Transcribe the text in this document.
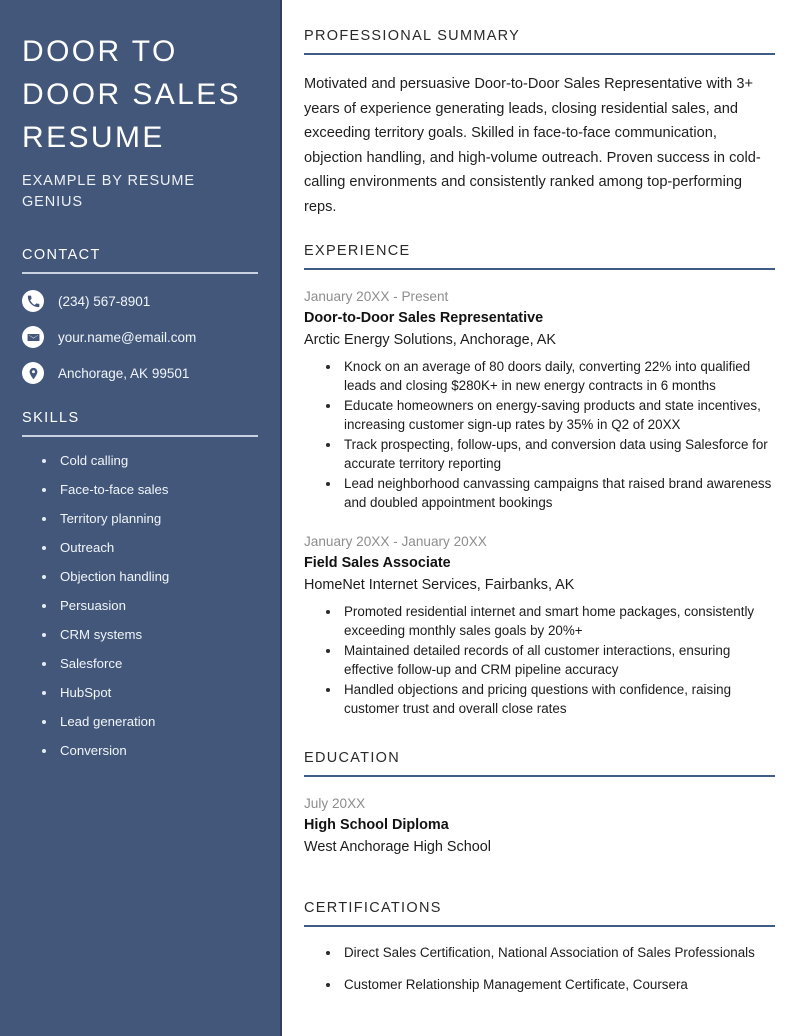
DOOR TO DOOR SALES RESUME
EXAMPLE BY RESUME GENIUS
CONTACT
(234) 567-8901
your.name@email.com
Anchorage, AK 99501
SKILLS
Cold calling
Face-to-face sales
Territory planning
Outreach
Objection handling
Persuasion
CRM systems
Salesforce
HubSpot
Lead generation
Conversion
PROFESSIONAL SUMMARY

Motivated and persuasive Door-to-Door Sales Representative with 3+ years of experience generating leads, closing residential sales, and exceeding territory goals. Skilled in face-to-face communication, objection handling, and high-volume outreach. Proven success in cold-calling environments and consistently ranked among top-performing reps.

EXPERIENCE
January 20XX - Present
Door-to-Door Sales Representative
Arctic Energy Solutions, Anchorage, AK
Knock on an average of 80 doors daily, converting 22% into qualified leads and closing $280K+ in new energy contracts in 6 months
Educate homeowners on energy-saving products and state incentives, increasing customer sign-up rates by 35% in Q2 of 20XX
Track prospecting, follow-ups, and conversion data using Salesforce for accurate territory reporting
Lead neighborhood canvassing campaigns that raised brand awareness and doubled appointment bookings
January 20XX - January 20XX
Field Sales Associate
HomeNet Internet Services, Fairbanks, AK
Promoted residential internet and smart home packages, consistently exceeding monthly sales goals by 20%+
Maintained detailed records of all customer interactions, ensuring effective follow-up and CRM pipeline accuracy
Handled objections and pricing questions with confidence, raising customer trust and overall close rates
EDUCATION
July 20XX
High School Diploma
West Anchorage High School
CERTIFICATIONS
Direct Sales Certification, National Association of Sales Professionals
Customer Relationship Management Certificate, Coursera
